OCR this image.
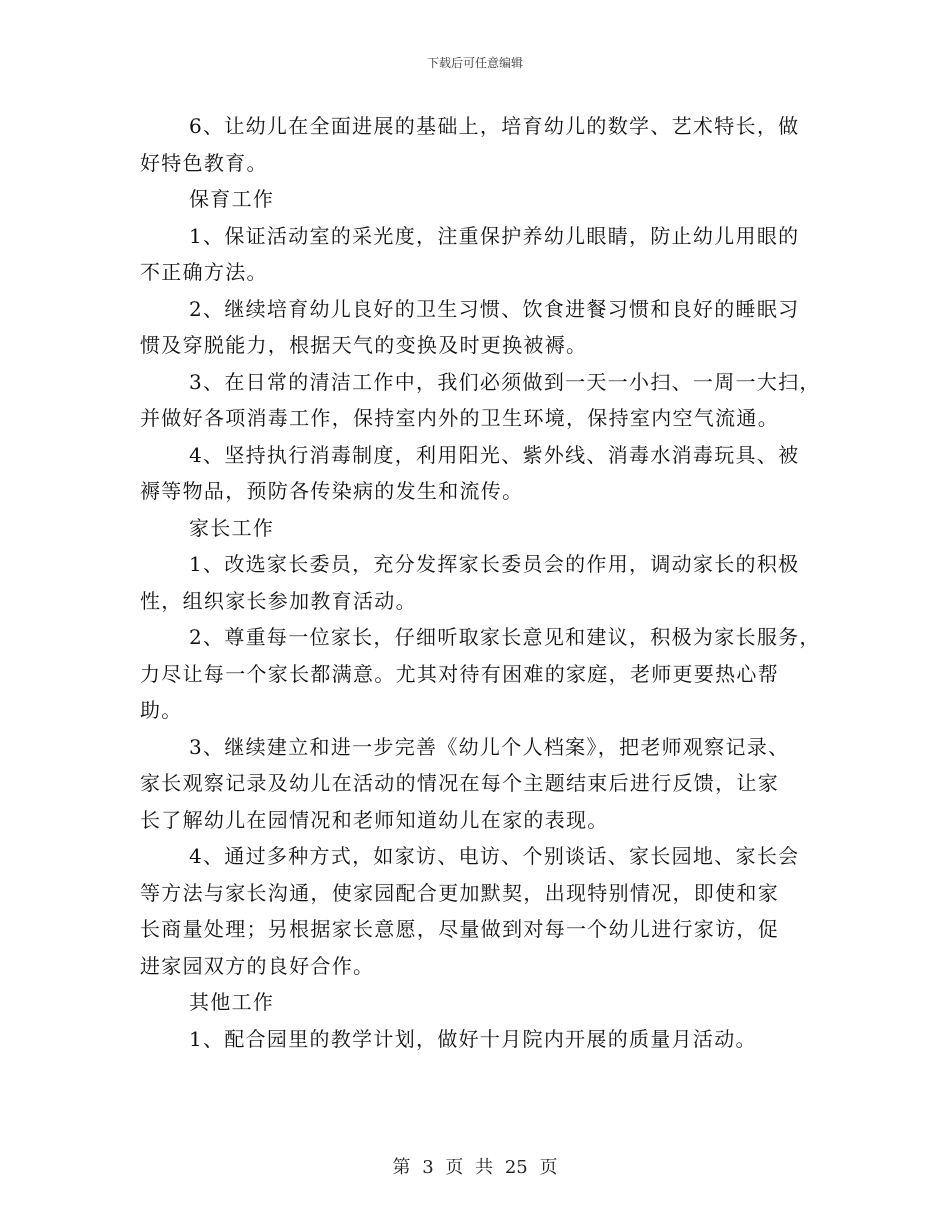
下载后可任意编辑
6、让幼儿在全面进展的基础上，培育幼儿的数学、艺术特长，做
好特色教育。
保育工作
1、保证活动室的采光度，注重保护养幼儿眼睛，防止幼儿用眼的
不正确方法。
2、继续培育幼儿良好的卫生习惯、饮食进餐习惯和良好的睡眠习
惯及穿脱能力，根据天气的变换及时更换被褥。
3、在日常的清洁工作中，我们必须做到一天一小扫、一周一大扫，
并做好各项消毒工作，保持室内外的卫生环境，保持室内空气流通。
4、坚持执行消毒制度，利用阳光、紫外线、消毒水消毒玩具、被
褥等物品，预防各传染病的发生和流传。
家长工作
1、改选家长委员，充分发挥家长委员会的作用，调动家长的积极
性，组织家长参加教育活动。
2、尊重每一位家长，仔细听取家长意见和建议，积极为家长服务，
力尽让每一个家长都满意。尤其对待有困难的家庭，老师更要热心帮
助。
3、继续建立和进一步完善《幼儿个人档案》，把老师观察记录、
家长观察记录及幼儿在活动的情况在每个主题结束后进行反馈，让家
长了解幼儿在园情况和老师知道幼儿在家的表现。
4、通过多种方式，如家访、电访、个别谈话、家长园地、家长会
等方法与家长沟通，使家园配合更加默契，出现特别情况，即使和家
长商量处理；另根据家长意愿，尽量做到对每一个幼儿进行家访，促
进家园双方的良好合作。
其他工作
1、配合园里的教学计划，做好十月院内开展的质量月活动。
第 3 页 共 25 页
